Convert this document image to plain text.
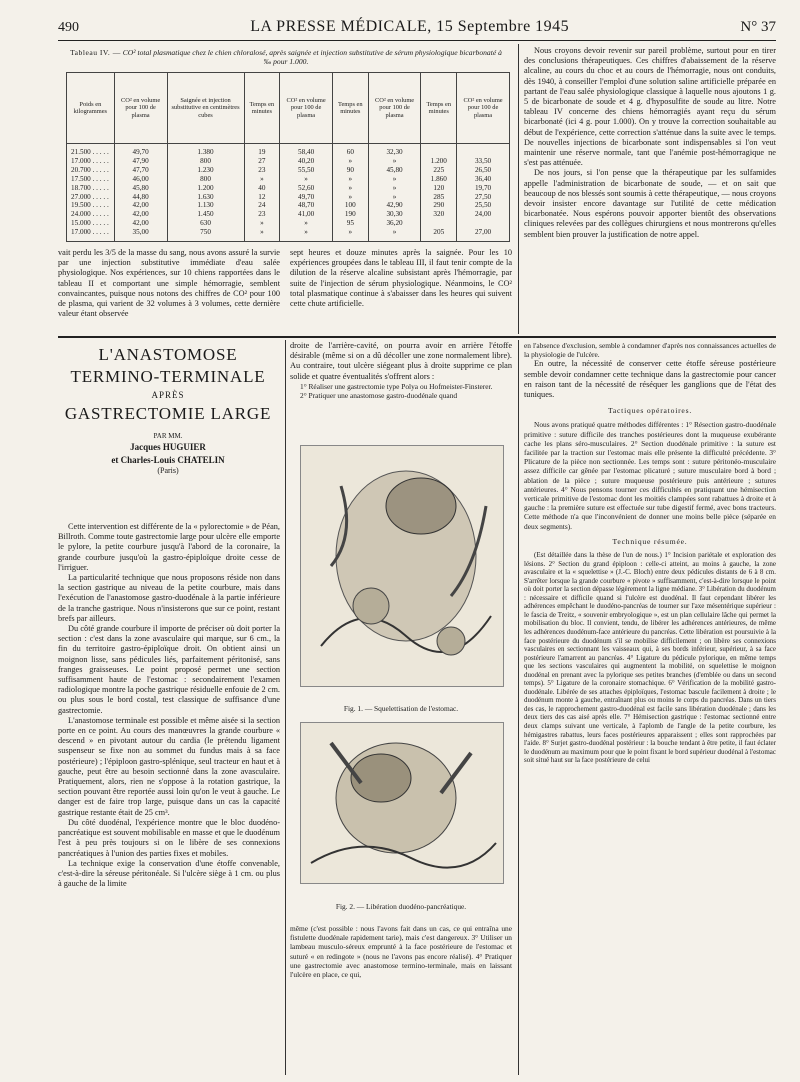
490	LA PRESSE MÉDICALE, 15 Septembre 1945	N° 37
Tableau IV. — CO² total plasmatique chez le chien chloralosé, après saignée et injection substitutive de sérum physiologique bicarbonaté à ‰ pour 1.000.
Poids en kilogrammes	CO² en volume pour 100 de plasma	Saignée et injection substitutive en centimètres cubes	Temps en minutes	CO² en volume pour 100 de plasma	Temps en minutes	CO² en volume pour 100 de plasma	Temps en minutes	CO² en volume pour 100 de plasma
21.500 . . . . .	49,70	1.380	19	58,40	60	32,30		
17.000 . . . . .	47,90	800	27	40,20	»	»	1.200	33,50
20.700 . . . . .	47,70	1.230	23	55,50	90	45,80	225	26,50
17.500 . . . . .	46,00	800	»	»	»	»	1.860	36,40
18.700 . . . . .	45,80	1.200	40	52,60	»	»	120	19,70
27.000 . . . . .	44,80	1.630	12	49,70	»	»	285	27,50
19.500 . . . . .	42,00	1.130	24	48,70	100	42,90	290	25,50
24.000 . . . . .	42,00	1.450	23	41,00	190	30,30	320	24,00
15.000 . . . . .	42,00	630	»	»	95	36,20		
17.000 . . . . .	35,00	750	»	»	»	»	205	27,00

vait perdu les 3/5 de la masse du sang, nous avons assuré la survie par une injection substitutive immédiate d'eau salée physiologique. Nos expériences, sur 10 chiens rapportées dans le tableau II et comportant une simple hémorragie, semblent convaincantes, puisque nous notons des chiffres de CO² pour 100 de plasma, qui varient de 32 volumes à 3 volumes, cette dernière valeur étant observée

sept heures et douze minutes après la saignée. Pour les 10 expériences groupées dans le tableau III, il faut tenir compte de la dilution de la réserve alcaline subsistant après l'hémorragie, par suite de l'injection de sérum physiologique. Néanmoins, le CO² total plasmatique continue à s'abaisser dans les heures qui suivent cette chute artificielle.

Nous croyons devoir revenir sur pareil problème, surtout pour en tirer des conclusions thérapeutiques. Ces chiffres d'abaissement de la réserve alcaline, au cours du choc et au cours de l'hémorragie, nous ont conduits, dès 1940, à conseiller l'emploi d'une solution saline artificielle préparée en partant de l'eau salée physiologique classique à laquelle nous ajoutons 1 g. 5 de bicarbonate de soude et 4 g. d'hyposulfite de soude au litre. Notre tableau IV concerne des chiens hémorragiés ayant reçu du sérum bicarbonaté (ici 4 g. pour 1.000). On y trouve la correction souhaitable au début de l'expérience, cette correction s'atténue dans la suite avec le temps. De nouvelles injections de bicarbonate sont indispensables si l'on veut maintenir une réserve normale, tant que l'anémie post-hémorragique ne s'est pas atténuée.

De nos jours, si l'on pense que la thérapeutique par les sulfamides appelle l'administration de bicarbonate de soude, — et on sait que beaucoup de nos blessés sont soumis à cette thérapeutique, — nous croyons devoir insister encore davantage sur l'utilité de cette médication bicarbonatée. Nous espérons pouvoir apporter bientôt des observations cliniques relevées par des collègues chirurgiens et nous montrerons qu'elles semblent bien prouver la justification de notre appel.

L'ANASTOMOSE
TERMINO-TERMINALE
APRÈS
GASTRECTOMIE LARGE
PAR MM.
Jacques HUGUIER
et Charles-Louis CHATELIN
(Paris)

Cette intervention est différente de la « pylorectomie » de Péan, Billroth. Comme toute gastrectomie large pour ulcère elle emporte le pylore, la petite courbure jusqu'à l'abord de la coronaire, la grande courbure jusqu'où la gastro-épiploïque droite cesse de l'irriguer.

La particularité technique que nous proposons réside non dans la section gastrique au niveau de la petite courbure, mais dans l'exécution de l'anastomose gastro-duodénale à la partie inférieure de la tranche gastrique. Nous n'insisterons que sur ce point, restant brefs par ailleurs.

Du côté grande courbure il importe de préciser où doit porter la section : c'est dans la zone avasculaire qui marque, sur 6 cm., la fin du territoire gastro-épiploïque droit. On obtient ainsi un moignon lisse, sans pédicules liés, parfaitement péritonisé, sans franges graisseuses. Le point proposé permet une section suffisamment haute de l'estomac : secondairement l'examen radiologique montre la poche gastrique résiduelle enfouie de 2 cm. ou plus sous le bord costal, test classique de suffisance d'une gastrectomie.

L'anastomose terminale est possible et même aisée si la section porte en ce point. Au cours des manœuvres la grande courbure « descend » en pivotant autour du cardia (le prétendu ligament suspenseur se fixe non au sommet du fundus mais à sa face postérieure) ; l'épiploon gastro-splénique, seul tracteur en haut et à gauche, peut être au besoin sectionné dans la zone avasculaire. Pratiquement, alors, rien ne s'oppose à la rotation gastrique, la section pouvant être reportée aussi loin qu'on le veut à gauche. Le danger est de faire trop large, puisque dans un cas la capacité gastrique restante était de 25 cm³.

Du côté duodénal, l'expérience montre que le bloc duodéno-pancréatique est souvent mobilisable en masse et que le duodénum l'est à peu près toujours si on le libère de ses connexions pancréatiques à l'union des parties fixes et mobiles.

La technique exige la conservation d'une étoffe convenable, c'est-à-dire la séreuse péritonéale. Si l'ulcère siège à 1 cm. ou plus à gauche de la limite

droite de l'arrière-cavité, on pourra avoir en arrière l'étoffe désirable (même si on a dû décoller une zone normalement libre). Au contraire, tout ulcère siégeant plus à droite supprime ce plan solide et quatre éventualités s'offrent alors :

1° Réaliser une gastrectomie type Polya ou Hofmeister-Finsterer.

2° Pratiquer une anastomose gastro-duodénale quand

Fig. 1. — Squelettisation de l'estomac.
Fig. 2. — Libération duodéno-pancréatique.

même (c'est possible : nous l'avons fait dans un cas, ce qui entraîna une fistulette duodénale rapidement tarie), mais c'est dangereux. 3° Utiliser un lambeau musculo-séreux emprunté à la face postérieure de l'estomac et suturé « en redingote » (nous ne l'avons pas encore réalisé). 4° Pratiquer une gastrectomie avec anastomose termino-terminale, mais en laissant l'ulcère en place, ce qui,

en l'absence d'exclusion, semble à condamner d'après nos connaissances actuelles de la physiologie de l'ulcère.

En outre, la nécessité de conserver cette étoffe séreuse postérieure semble devoir condamner cette technique dans la gastrectomie pour cancer en raison tant de la nécessité de réséquer les ganglions que de l'état des tuniques.

Tactiques opératoires.

Nous avons pratiqué quatre méthodes différentes : 1° Résection gastro-duodénale primitive : suture difficile des tranches postérieures dont la muqueuse exubérante cache les plans séro-musculaires. 2° Section duodénale primitive : la suture est facilitée par la traction sur l'estomac mais elle présente la difficulté précédente. 3° Plicature de la pièce non sectionnée. Les temps sont : suture péritonéo-musculaire assez difficile car gênée par l'estomac plicaturé ; suture musculaire bord à bord ; ablation de la pièce ; suture muqueuse postérieure puis antérieure ; sutures antérieures. 4° Nous pensons tourner ces difficultés en pratiquant une hémisection verticale primitive de l'estomac dont les moitiés clampées sont rabattues à droite et à gauche : la première suture est effectuée sur tube digestif fermé, avec bons tracteurs. Cette méthode n'a que l'inconvénient de donner une moins belle pièce (séparée en deux segments).

Technique résumée.

(Est détaillée dans la thèse de l'un de nous.) 1° Incision pariétale et exploration des lésions. 2° Section du grand épiploon : celle-ci atteint, au moins à gauche, la zone avasculaire et la « squelettise » (J.-C. Bloch) entre deux pédicules distants de 6 à 8 cm. S'arrêter lorsque la grande courbure « pivote » suffisamment, c'est-à-dire lorsque le point où doit porter la section dépasse légèrement la ligne médiane. 3° Libération du duodénum : nécessaire et difficile quand si l'ulcère est duodénal. Il faut cependant libérer les adhérences empêchant le duodéno-pancréas de tourner sur l'axe mésentérique supérieur : le fascia de Treitz, « souvenir embryologique », est un plan cellulaire lâche qui permet la mobilisation du bloc. Il convient, tendu, de libérer les adhérences antérieures, de même les adhérences duodénum-face antérieure du pancréas. Cette libération est poursuivie à la face postérieure du duodénum s'il se mobilise difficilement ; on libère ses connexions vasculaires en sectionnant les vaisseaux qui, à ses bords inférieur, supérieur, à sa face postérieure l'amarrent au pancréas. 4° Ligature du pédicule pylorique, en même temps que les sections vasculaires qui augmentent la mobilité, on squelettise le moignon duodénal en prenant avec la pylorique ses petites branches (d'emblée ou dans un second temps). 5° Ligature de la coronaire stomachique. 6° Vérification de la mobilité gastro-duodénale. Libérée de ses attaches épiploïques, l'estomac bascule facilement à droite ; le duodénum monte à gauche, entraînant plus ou moins le corps du pancréas. Dans un tiers des cas, le rapprochement gastro-duodénal est facile sans libération duodénale ; dans les deux tiers des cas aisé après elle. 7° Hémisection gastrique : l'estomac sectionné entre deux clamps suivant une verticale, à l'aplomb de l'angle de la petite courbure, les hémigastres rabattus, leurs faces postérieures apparaissent ; elles sont rapprochées par l'aide. 8° Surjet gastro-duodénal postérieur : la bouche tendant à être petite, il faut éclater le duodénum au maximum pour que le point fixant le bord supérieur duodénal à l'estomac soit situé haut sur la face postérieure de celui
